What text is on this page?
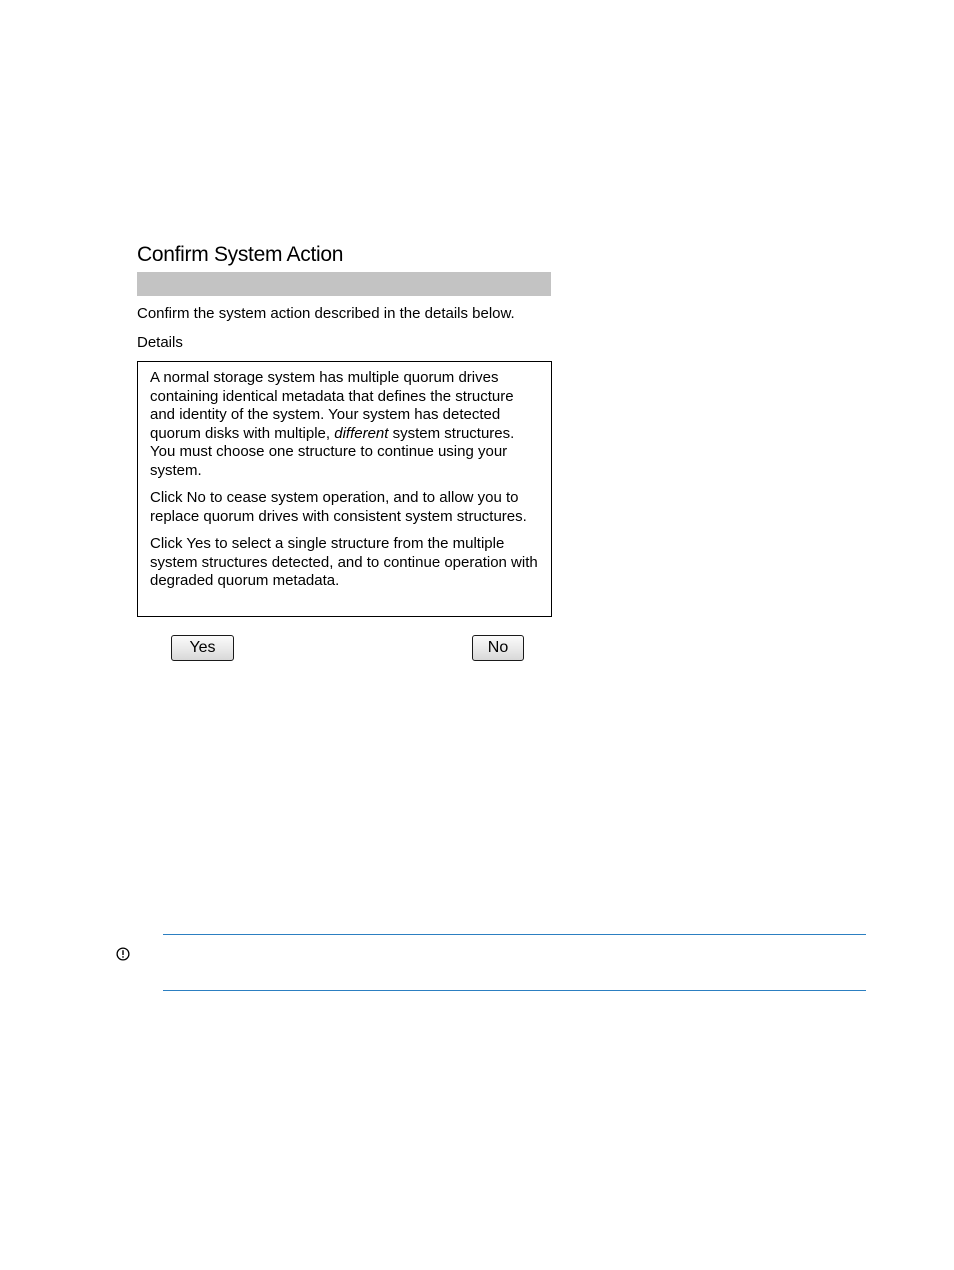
Confirm System Action
Confirm the system action described in the details below.
Details

A normal storage system has multiple quorum drives containing identical metadata that defines the structure and identity of the system. Your system has detected quorum disks with multiple, different system structures. You must choose one structure to continue using your system.

Click No to cease system operation, and to allow you to replace quorum drives with consistent system structures.

Click Yes to select a single structure from the multiple system structures detected, and to continue operation with degraded quorum metadata.

Yes	No
